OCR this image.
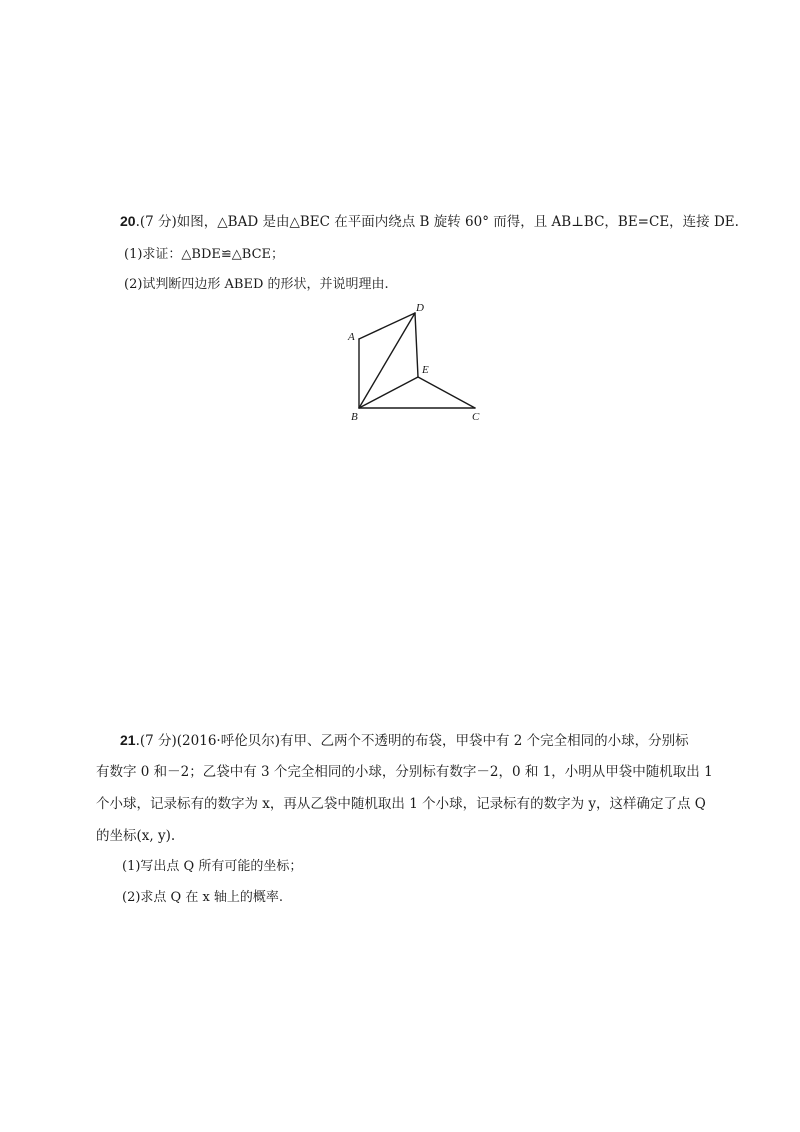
20.(7 分)如图，△BAD 是由△BEC 在平面内绕点 B 旋转 60° 而得，且 AB⊥BC，BE=CE，连接 DE.
(1)求证：△BDE≌△BCE；
(2)试判断四边形 ABED 的形状，并说明理由.
D
A
E
B	C
21.(7 分)(2016·呼伦贝尔)有甲、乙两个不透明的布袋，甲袋中有 2 个完全相同的小球，分别标
有数字 0 和－2；乙袋中有 3 个完全相同的小球，分别标有数字－2，0 和 1，小明从甲袋中随机取出 1
个小球，记录标有的数字为 x，再从乙袋中随机取出 1 个小球，记录标有的数字为 y，这样确定了点 Q
的坐标(x, y).
(1)写出点 Q 所有可能的坐标；
(2)求点 Q 在 x 轴上的概率.
